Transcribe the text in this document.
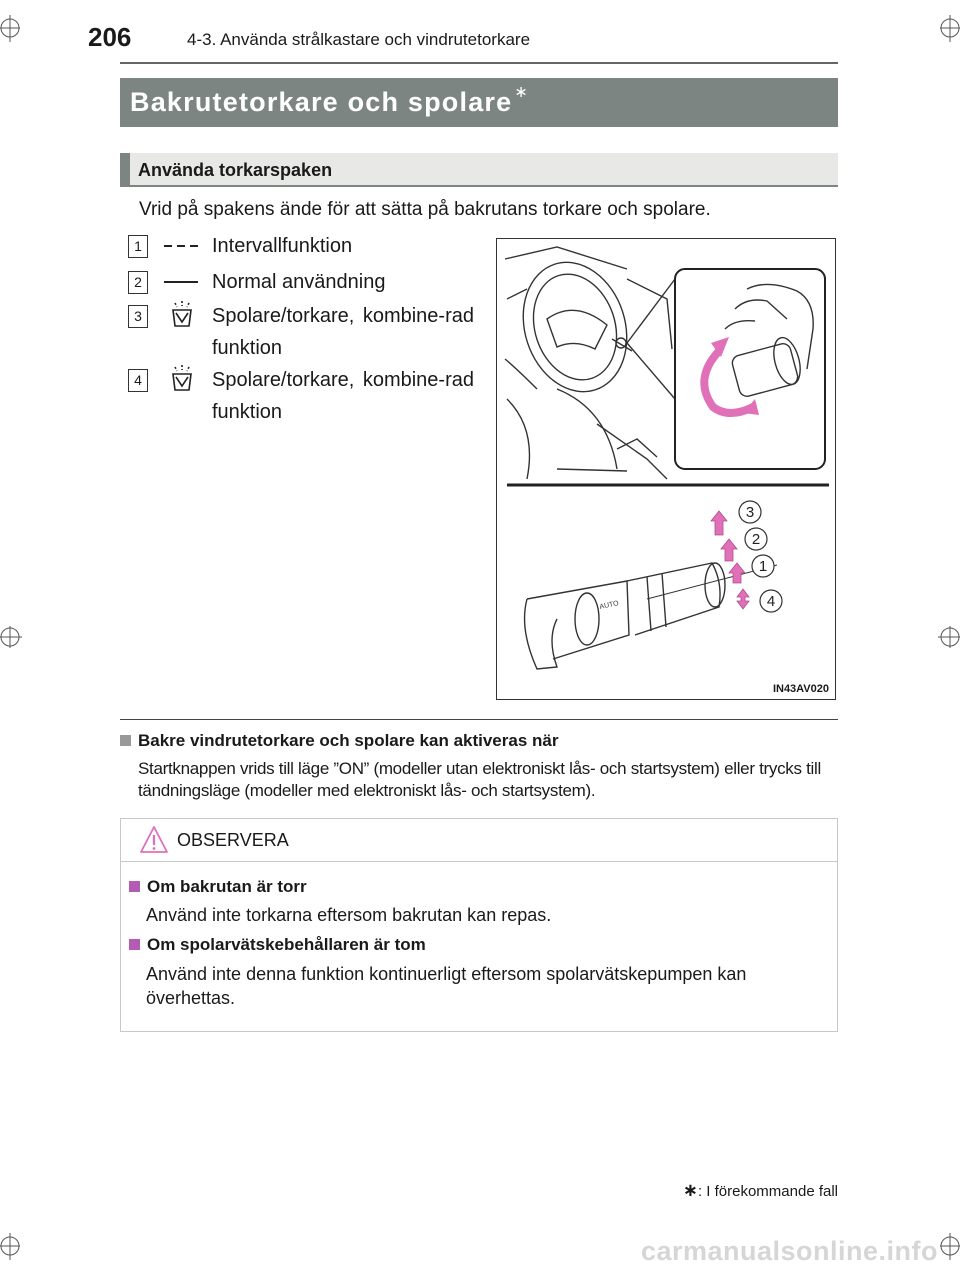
206	4-3. Använda strålkastare och vindrutetorkare
Bakrutetorkare och spolare ∗
Använda torkarspaken
Vrid på spakens ände för att sätta på bakrutans torkare och spolare.
1	Intervallfunktion
2	Normal användning
3	Spolare/torkare, kombine-rad funktion
4	Spolare/torkare, kombine-rad funktion
AUTO
3
2
1
4
IN43AV020
Bakre vindrutetorkare och spolare kan aktiveras när
Startknappen vrids till läge ”ON” (modeller utan elektroniskt lås- och startsystem) eller trycks till tändningsläge (modeller med elektroniskt lås- och startsystem).
OBSERVERA
Om bakrutan är torr
Använd inte torkarna eftersom bakrutan kan repas.
Om spolarvätskebehållaren är tom
Använd inte denna funktion kontinuerligt eftersom spolarvätskepumpen kan överhettas.
∗: I förekommande fall
carmanualsonline.info
